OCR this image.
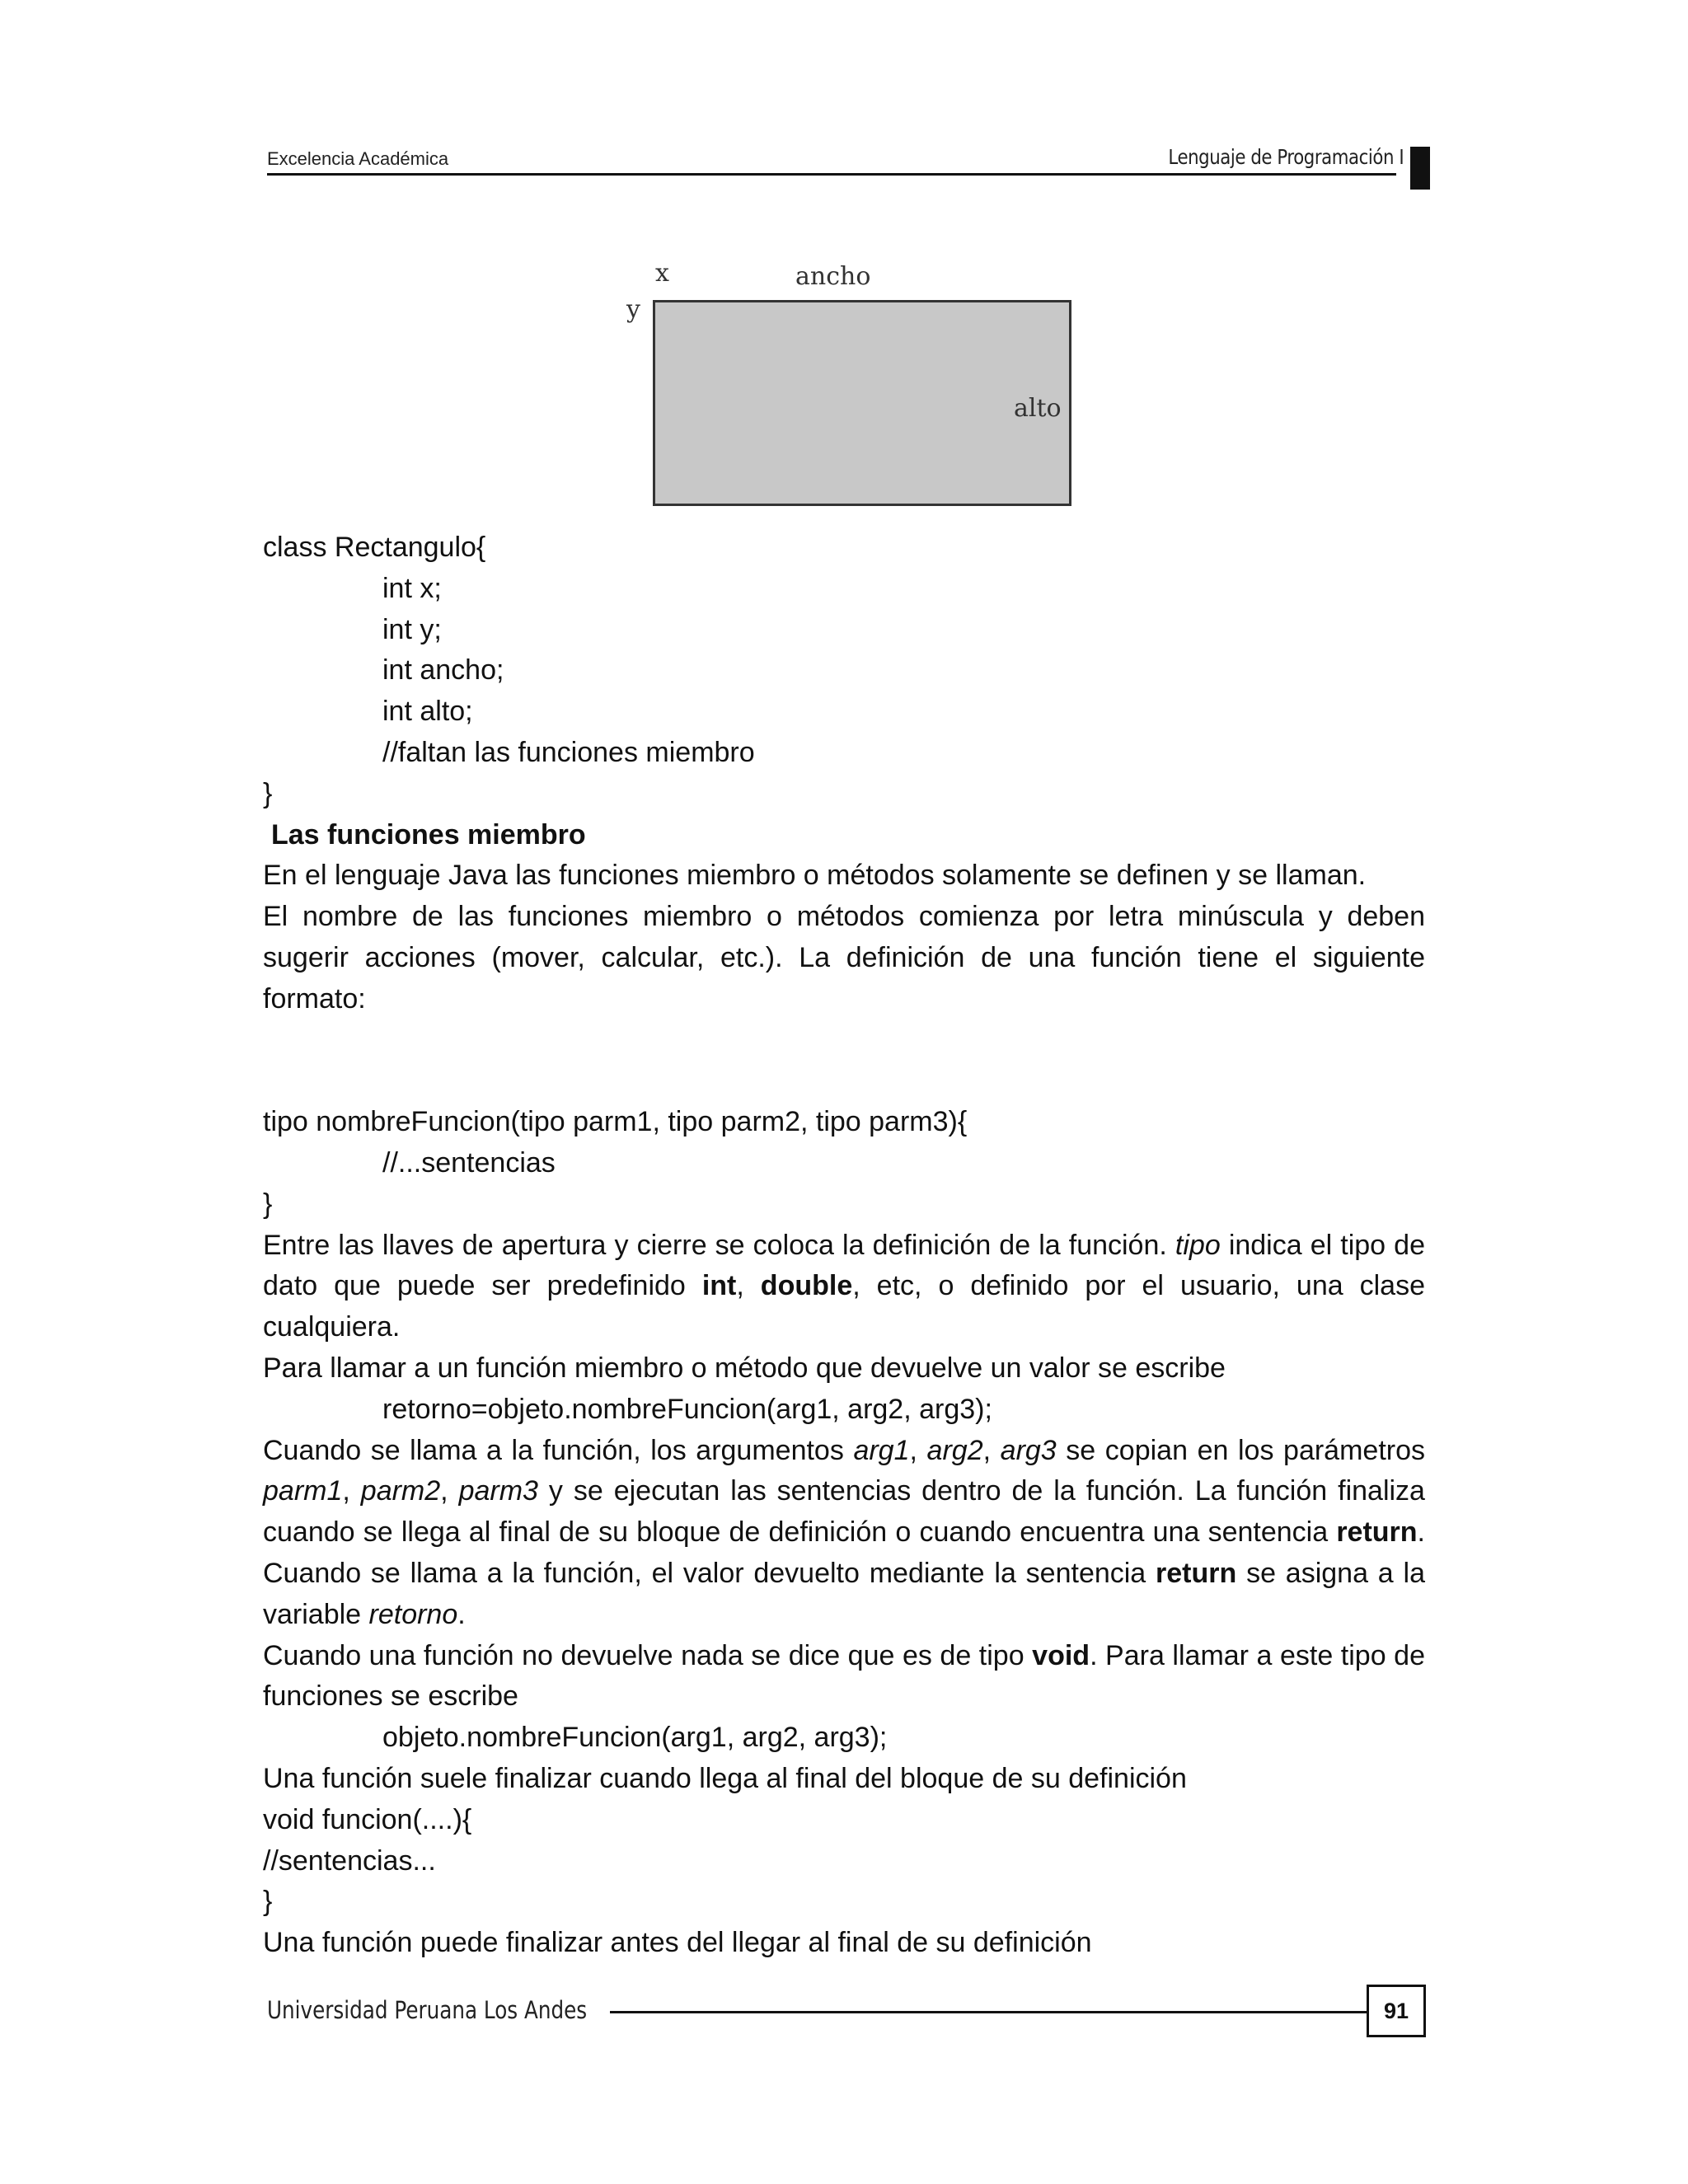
Excelencia Académica	Lenguaje de Programación I
x
y
ancho
alto
class Rectangulo{
int x;
int y;
int ancho;
int alto;
//faltan las funciones miembro
}
Las funciones miembro
En el lenguaje Java las funciones miembro o métodos solamente se definen y se llaman.
El nombre de las funciones miembro o métodos comienza por letra minúscula y deben sugerir acciones (mover, calcular, etc.). La definición de una función tiene el siguiente formato:
tipo nombreFuncion(tipo parm1, tipo parm2, tipo parm3){
//...sentencias
}
Entre las llaves de apertura y cierre se coloca la definición de la función. tipo indica el tipo de dato que puede ser predefinido int, double, etc, o definido por el usuario, una clase cualquiera.
Para llamar a un función miembro o método que devuelve un valor se escribe
retorno=objeto.nombreFuncion(arg1, arg2, arg3);
Cuando se llama a la función, los argumentos arg1, arg2, arg3 se copian en los parámetros parm1, parm2, parm3 y se ejecutan las sentencias dentro de la función. La función finaliza cuando se llega al final de su bloque de definición o cuando encuentra una sentencia return. Cuando se llama a la función, el valor devuelto mediante la sentencia return se asigna a la variable retorno.
Cuando una función no devuelve nada se dice que es de tipo void. Para llamar a este tipo de funciones se escribe
objeto.nombreFuncion(arg1, arg2, arg3);
Una función suele finalizar cuando llega al final del bloque de su definición
void funcion(....){
//sentencias...
}
Una función puede finalizar antes del llegar al final de su definición
Universidad Peruana Los Andes	91
